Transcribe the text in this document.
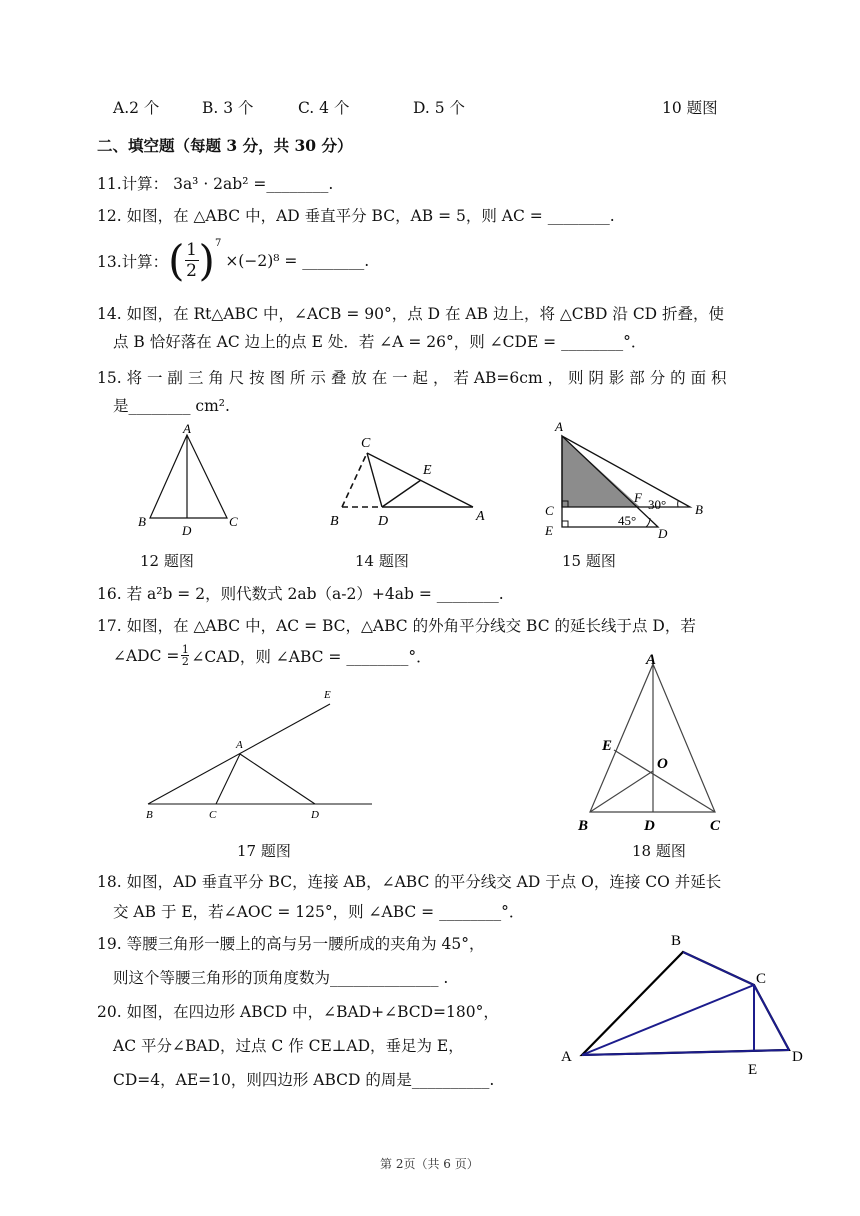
A.2 个	B. 3 个	C. 4 个	D. 5 个	10 题图
二、填空题（每题 3 分，共 30 分）
11.计算： 3a³ · 2ab² =________.
12. 如图，在 △ABC 中，AD 垂直平分 BC，AB = 5，则 AC = ________.
13.计算： ( 1
2 )$^7$
×(−2)⁸ = ________.
14. 如图，在 Rt△ABC 中，∠ACB = 90°，点 D 在 AB 边上，将 △CBD 沿 CD 折叠，使
点 B 恰好落在 AC 边上的点 E 处．若 ∠A = 26°，则 ∠CDE = ________°．
15. 将 一 副 三 角 尺 按 图 所 示 叠 放 在 一 起 ， 若 AB=6cm ， 则 阴 影 部 分 的 面 积
是________ cm².
A
B
D
C
12 题图
C
E
B	D	A
14 题图
A
C
E
F 30° B
45°
D
15 题图
16. 若 a²b = 2，则代数式 2ab（a-2）+4ab = ________.
17. 如图，在 △ABC 中，AC = BC，△ABC 的外角平分线交 BC 的延长线于点 D，若
∠ADC = $\frac{1}{2}$ ∠CAD，则 ∠ABC = ________°．
E
A
B	C	D
17 题图
A
E
O
B	D	C
18 题图
18. 如图，AD 垂直平分 BC，连接 AB，∠ABC 的平分线交 AD 于点 O，连接 CO 并延长
交 AB 于 E，若∠AOC = 125°，则 ∠ABC = ________°．
19. 等腰三角形一腰上的高与另一腰所成的夹角为 45°，
则这个等腰三角形的顶角度数为______________ .
20. 如图，在四边形 ABCD 中，∠BAD+∠BCD=180°，
AC 平分∠BAD，过点 C 作 CE⊥AD，垂足为 E，
CD=4，AE=10，则四边形 ABCD 的周是__________.
B
C
A
E
D
第 2页（共 6 页）
